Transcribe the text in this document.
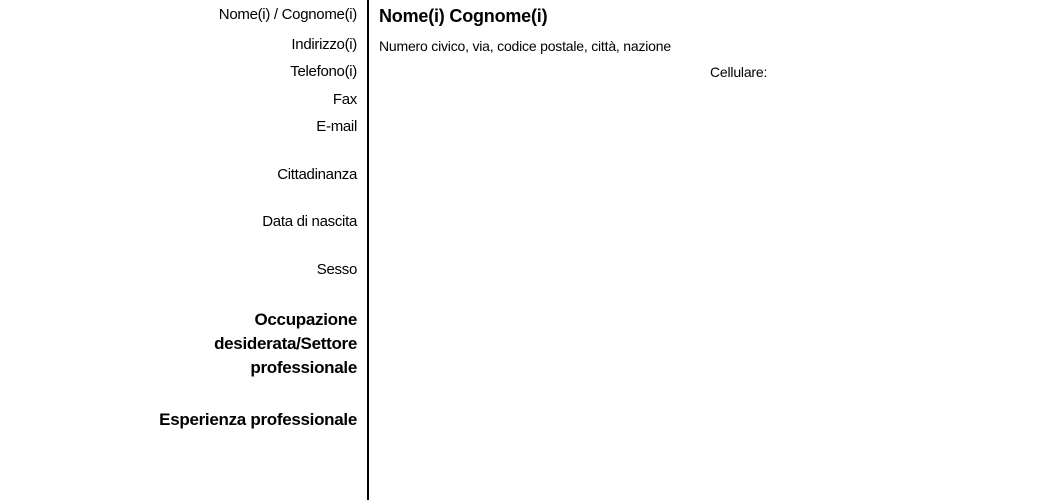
Nome(i) / Cognome(i) Nome(i) Cognome(i)
Indirizzo(i) Numero civico, via, codice postale, città, nazione
Telefono(i)	Cellulare:
Fax
E-mail
Cittadinanza
Data di nascita
Sesso
Occupazione
desiderata/Settore
professionale
Esperienza professionale
